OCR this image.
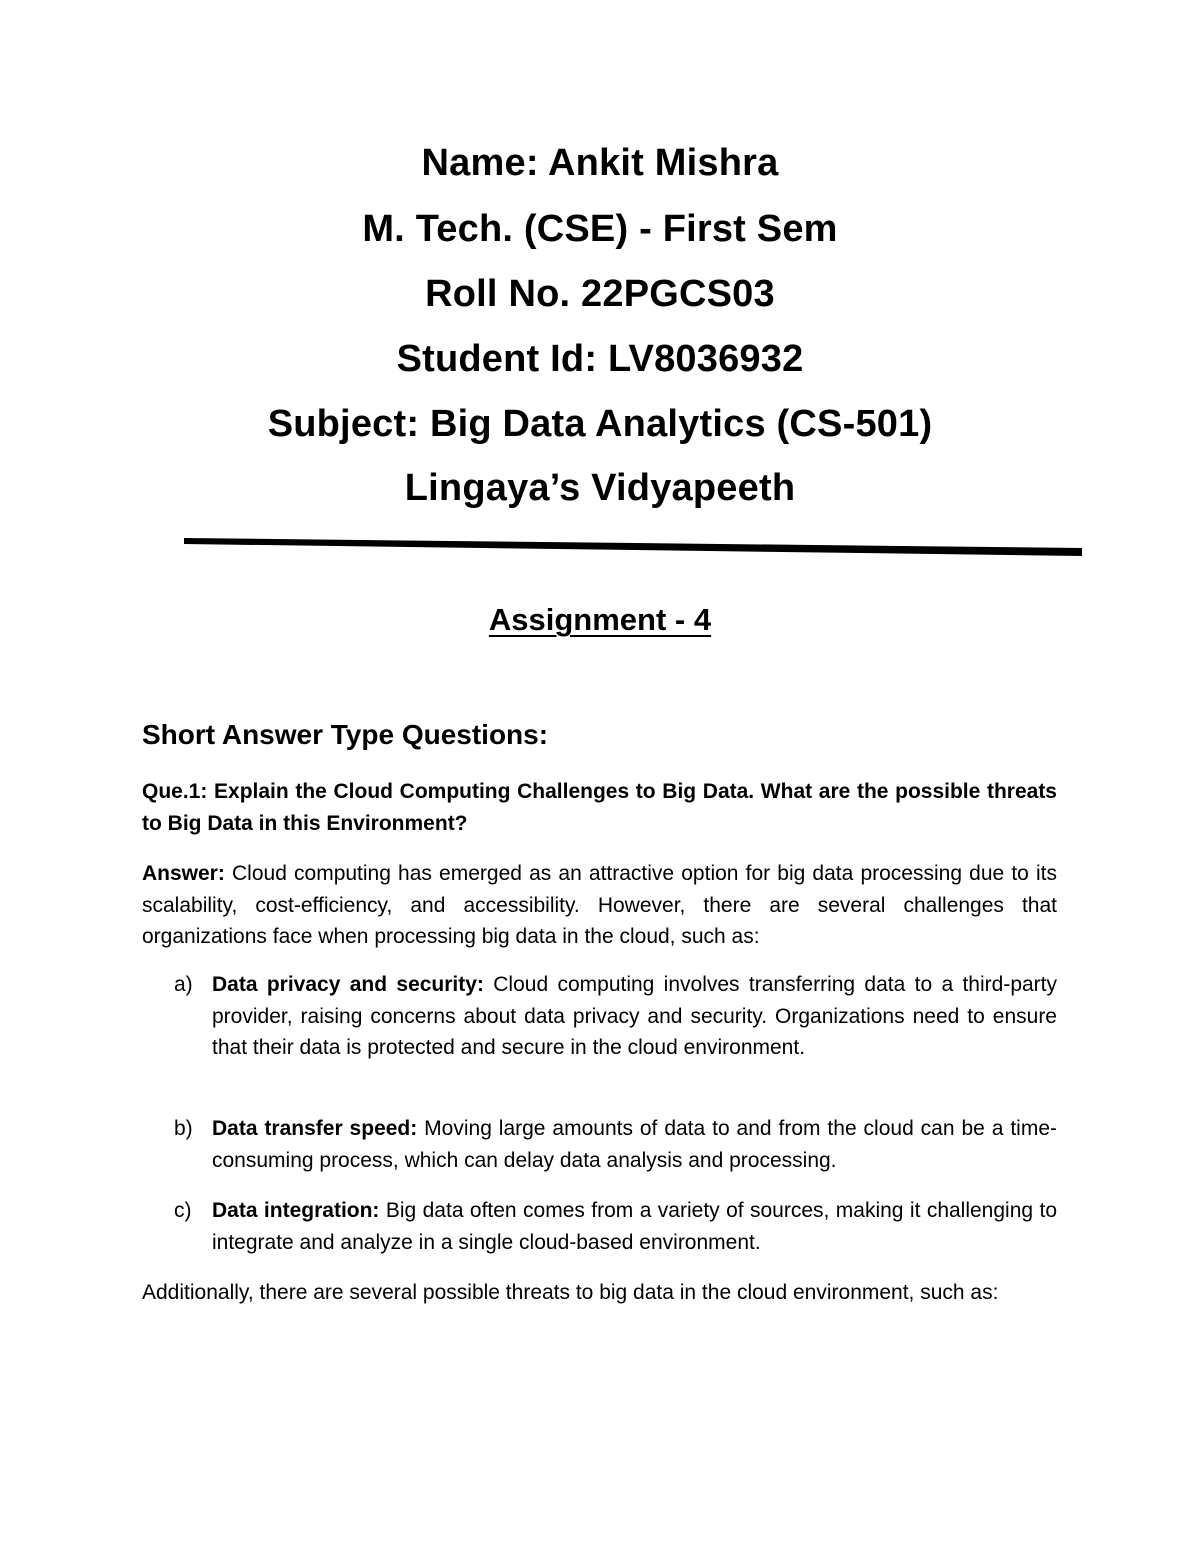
Name: Ankit Mishra
M. Tech. (CSE) - First Sem
Roll No. 22PGCS03
Student Id: LV8036932
Subject: Big Data Analytics (CS-501)
Lingaya’s Vidyapeeth
Assignment - 4
Short Answer Type Questions:
Que.1: Explain the Cloud Computing Challenges to Big Data. What are the possible threats to Big Data in this Environment?
Answer: Cloud computing has emerged as an attractive option for big data processing due to its scalability, cost-efficiency, and accessibility. However, there are several challenges that organizations face when processing big data in the cloud, such as:
a) Data privacy and security: Cloud computing involves transferring data to a third-party provider, raising concerns about data privacy and security. Organizations need to ensure that their data is protected and secure in the cloud environment.
b) Data transfer speed: Moving large amounts of data to and from the cloud can be a time-consuming process, which can delay data analysis and processing.
c) Data integration: Big data often comes from a variety of sources, making it challenging to integrate and analyze in a single cloud-based environment.
Additionally, there are several possible threats to big data in the cloud environment, such as:
